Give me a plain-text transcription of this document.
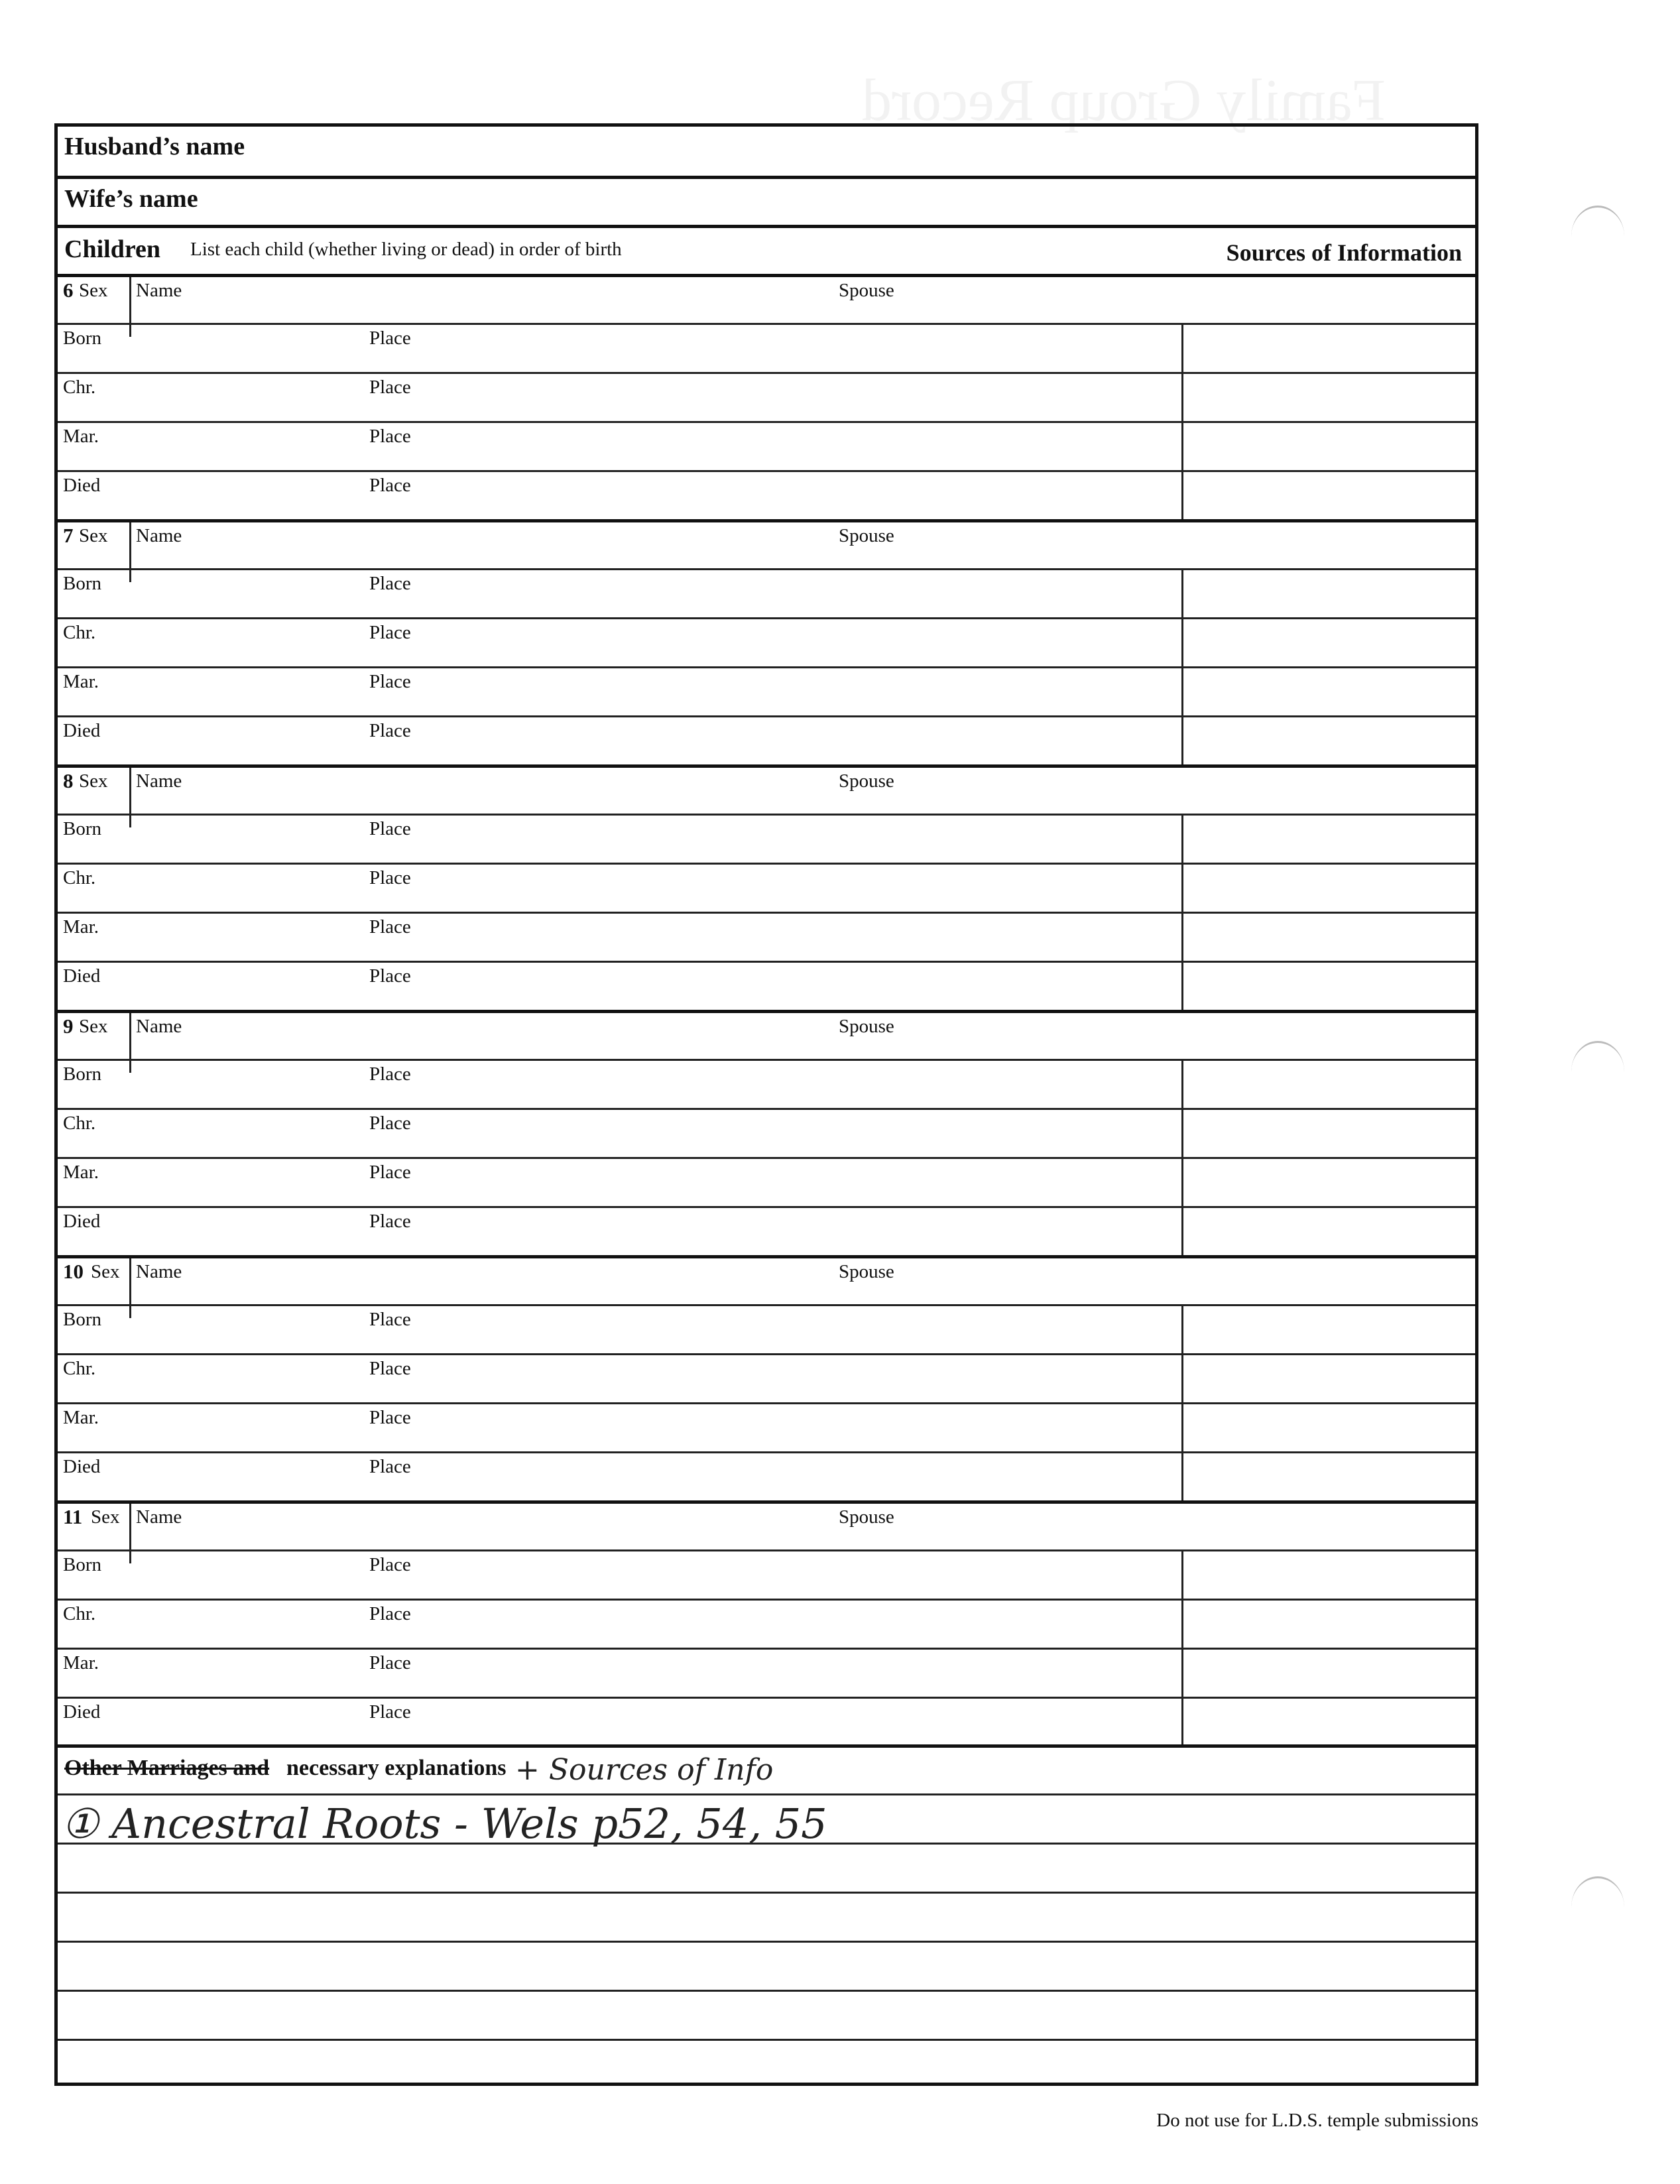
Family Group Record
Husband’s name
Wife’s name
Children List each child (whether living or dead) in order of birth	Sources of Information
6 Sex Name	Spouse
Born	Place
Chr.	Place
Mar.	Place
Died	Place
7 Sex Name	Spouse
Born	Place
Chr.	Place
Mar.	Place
Died	Place
8 Sex Name	Spouse
Born	Place
Chr.	Place
Mar.	Place
Died	Place
9 Sex Name	Spouse
Born	Place
Chr.	Place
Mar.	Place
Died	Place
10 Sex Name	Spouse
Born	Place
Chr.	Place
Mar.	Place
Died	Place
11 Sex Name	Spouse
Born	Place
Chr.	Place
Mar.	Place
Died	Place
Other Marriages and necessary explanations + Sources of Info
① Ancestral Roots - Wels p52, 54, 55
Do not use for L.D.S. temple submissions
